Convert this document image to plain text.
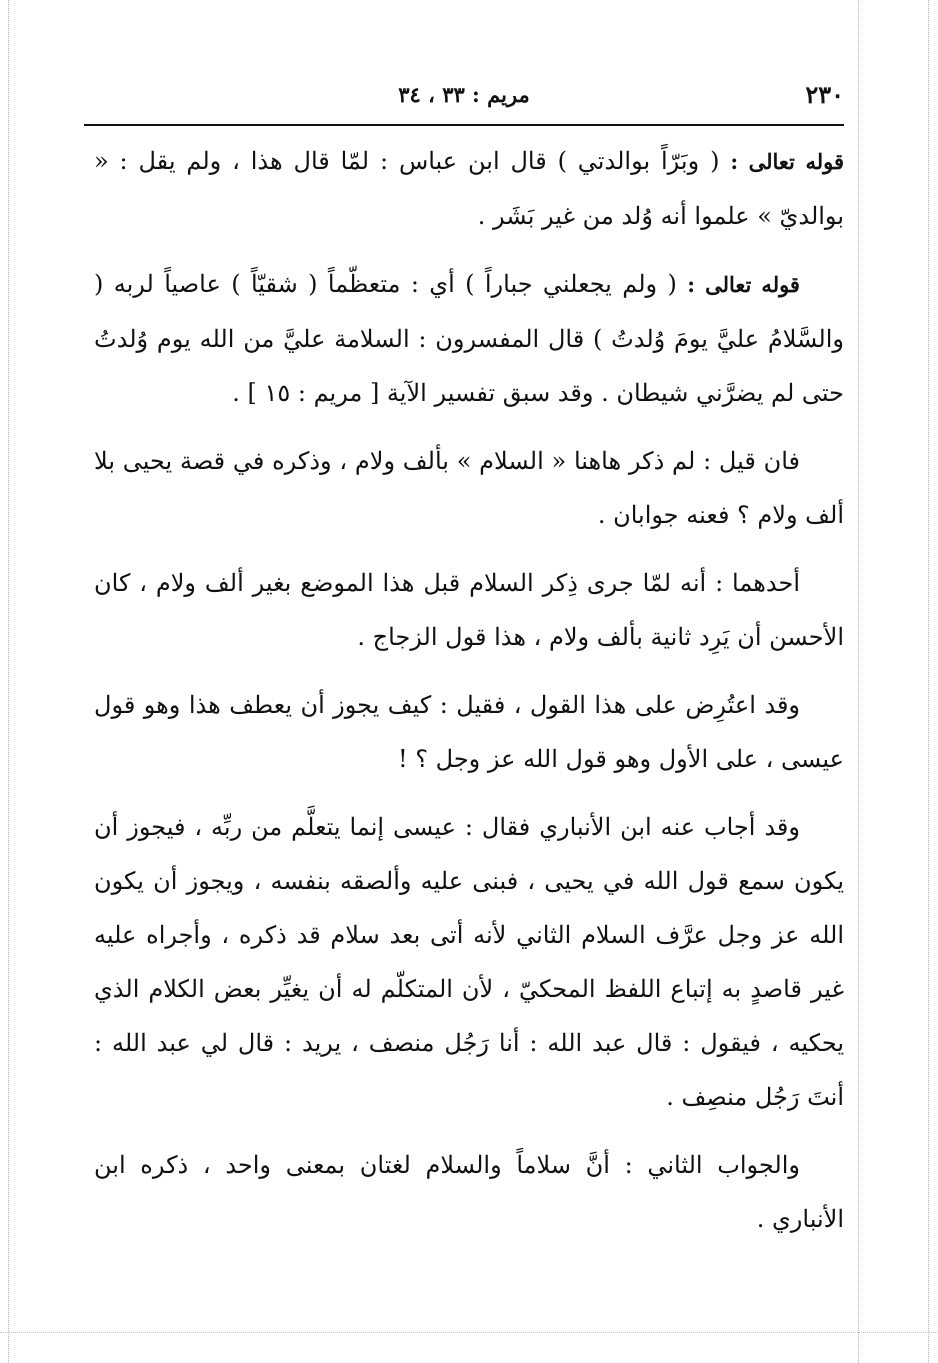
٢٣٠
مريم : ٣٣ ، ٣٤

قوله تعالى : ( وبَرّاً بوالدتي ) قال ابن عباس : لمّا قال هذا ، ولم يقل : « بوالديّ » علموا أنه وُلد من غير بَشَر .

قوله تعالى : ( ولم يجعلني جباراً ) أي : متعظّماً ( شقيّاً ) عاصياً لربه ( والسَّلامُ عليَّ يومَ وُلدتُ ) قال المفسرون : السلامة عليَّ من الله يوم وُلدتُ حتى لم يضرَّني شيطان . وقد سبق تفسير الآية [ مريم : ١٥ ] .

فان قيل : لم ذكر هاهنا « السلام » بألف ولام ، وذكره في قصة يحيى بلا ألف ولام ؟ فعنه جوابان .

أحدهما : أنه لمّا جرى ذِكر السلام قبل هذا الموضع بغير ألف ولام ، كان الأحسن أن يَرِد ثانية بألف ولام ، هذا قول الزجاج .

وقد اعتُرِض على هذا القول ، فقيل : كيف يجوز أن يعطف هذا وهو قول عيسى ، على الأول وهو قول الله عز وجل ؟ !

وقد أجاب عنه ابن الأنباري فقال : عيسى إنما يتعلَّم من ربِّه ، فيجوز أن يكون سمع قول الله في يحيى ، فبنى عليه وألصقه بنفسه ، ويجوز أن يكون الله عز وجل عرَّف السلام الثاني لأنه أتى بعد سلام قد ذكره ، وأجراه عليه غير قاصدٍ به إتباع اللفظ المحكيّ ، لأن المتكلّم له أن يغيِّر بعض الكلام الذي يحكيه ، فيقول : قال عبد الله : أنا رَجُل منصف ، يريد : قال لي عبد الله : أنتَ رَجُل منصِف .

والجواب الثاني : أنَّ سلاماً والسلام لغتان بمعنى واحد ، ذكره ابن الأنباري .
